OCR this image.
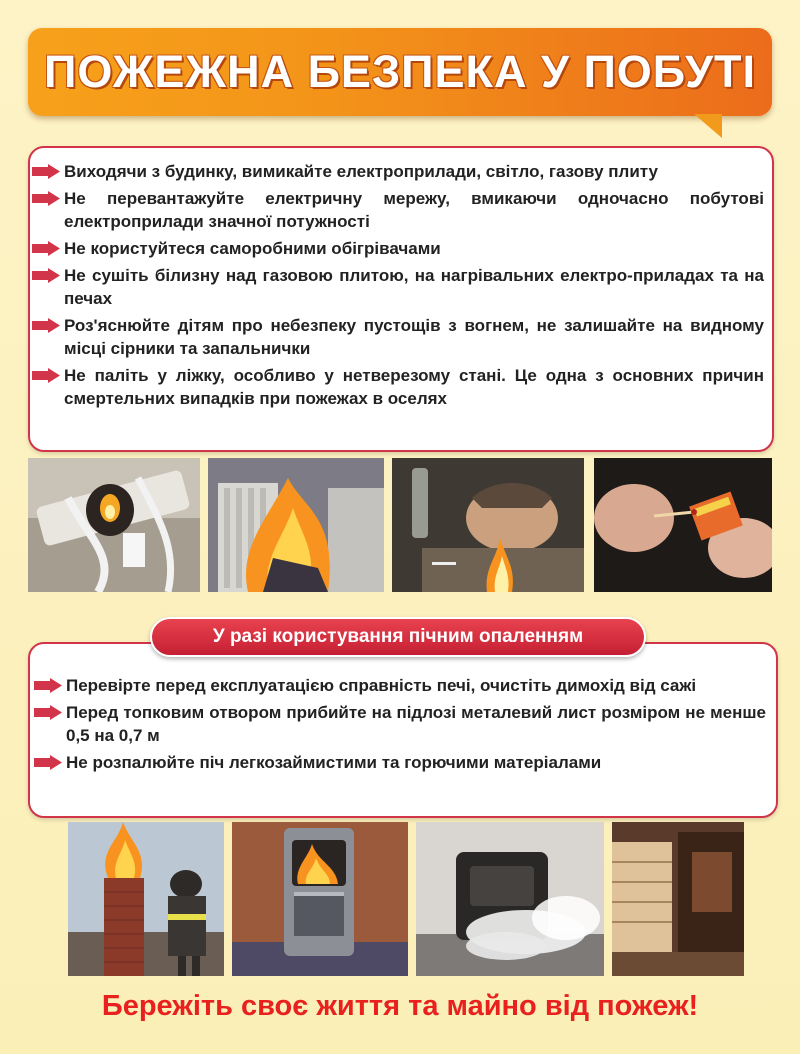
ПОЖЕЖНА БЕЗПЕКА У ПОБУТІ
Виходячи з будинку, вимикайте електроприлади, світло, газову плиту
Не перевантажуйте електричну мережу, вмикаючи одночасно побутові електроприлади значної потужності
Не користуйтеся саморобними обігрівачами
Не сушіть білизну над газовою плитою, на нагрівальних електро-приладах та на печах
Роз'яснюйте дітям про небезпеку пустощів з вогнем, не залишайте на видному місці сірники та запальнички
Не паліть у ліжку, особливо у нетверезому стані. Це одна з основних причин смертельних випадків при пожежах в оселях
У разі користування пічним опаленням
Перевірте перед експлуатацією справність печі, очистіть димохід від сажі
Перед топковим отвором прибийте на підлозі металевий лист розміром не менше 0,5 на 0,7 м
Не розпалюйте піч легкозаймистими та горючими матеріалами
Бережіть своє життя та майно від пожеж!
